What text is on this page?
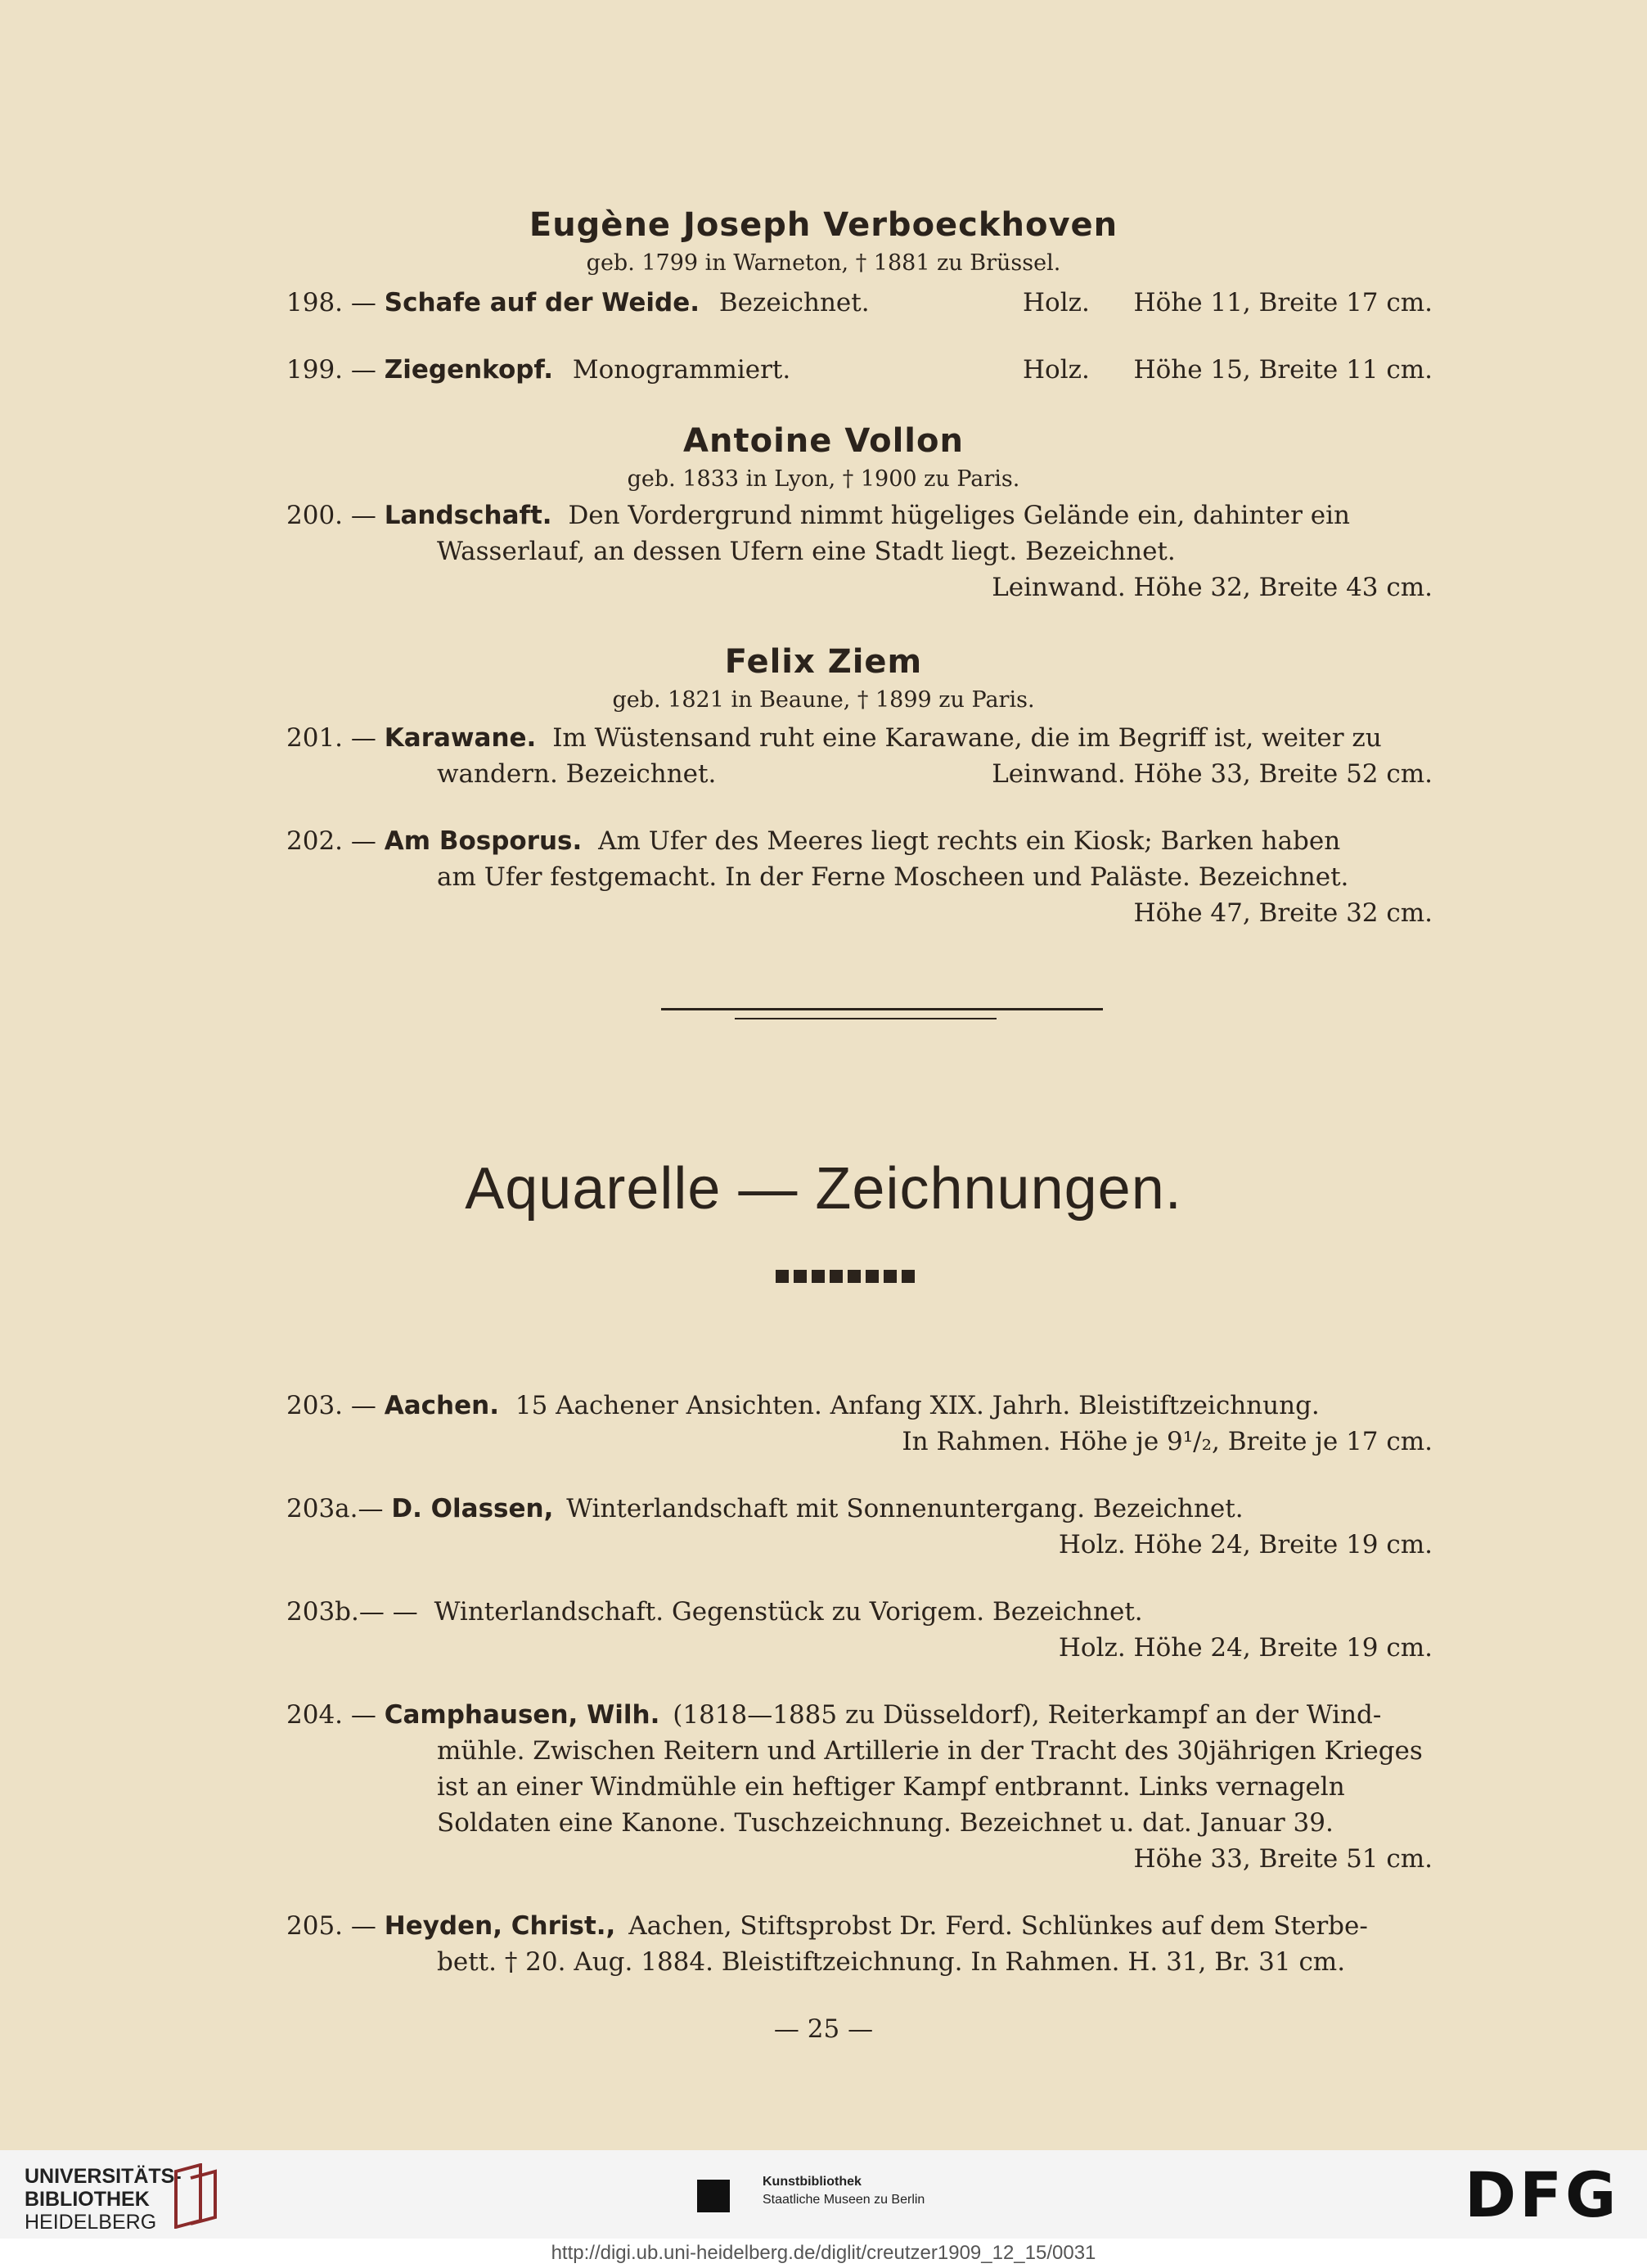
Eugène Joseph Verboeckhoven
geb. 1799 in Warneton, † 1881 zu Brüssel.
198. — Schafe auf der Weide. Bezeichnet.	Holz. Höhe 11, Breite 17 cm.
199. — Ziegenkopf. Monogrammiert.	Holz. Höhe 15, Breite 11 cm.
Antoine Vollon
geb. 1833 in Lyon, † 1900 zu Paris.
200. — Landschaft. Den Vordergrund nimmt hügeliges Gelände ein, dahinter ein
Wasserlauf, an dessen Ufern eine Stadt liegt. Bezeichnet.
Leinwand. Höhe 32, Breite 43 cm.
Felix Ziem
geb. 1821 in Beaune, † 1899 zu Paris.
201. — Karawane. Im Wüstensand ruht eine Karawane, die im Begriff ist, weiter zu
wandern. Bezeichnet.	Leinwand. Höhe 33, Breite 52 cm.
202. — Am Bosporus. Am Ufer des Meeres liegt rechts ein Kiosk; Barken haben
am Ufer festgemacht. In der Ferne Moscheen und Paläste. Bezeichnet.
Höhe 47, Breite 32 cm.
Aquarelle — Zeichnungen.
203. — Aachen. 15 Aachener Ansichten. Anfang XIX. Jahrh. Bleistiftzeichnung.
In Rahmen. Höhe je 9¹/₂, Breite je 17 cm.
203a.— D. Olassen, Winterlandschaft mit Sonnenuntergang. Bezeichnet.
Holz. Höhe 24, Breite 19 cm.
203b.— — Winterlandschaft. Gegenstück zu Vorigem. Bezeichnet.
Holz. Höhe 24, Breite 19 cm.
204. — Camphausen, Wilh. (1818—1885 zu Düsseldorf), Reiterkampf an der Wind-
mühle. Zwischen Reitern und Artillerie in der Tracht des 30jährigen Krieges
ist an einer Windmühle ein heftiger Kampf entbrannt. Links vernageln
Soldaten eine Kanone. Tuschzeichnung. Bezeichnet u. dat. Januar 39.
Höhe 33, Breite 51 cm.
205. — Heyden, Christ., Aachen, Stiftsprobst Dr. Ferd. Schlünkes auf dem Sterbe-
bett. † 20. Aug. 1884. Bleistiftzeichnung. In Rahmen. H. 31, Br. 31 cm.
— 25 —
UNIVERSITÄTS-
BIBLIOTHEK
HEIDELBERG
Kunstbibliothek
Staatliche Museen zu Berlin	DFG
http://digi.ub.uni-heidelberg.de/diglit/creutzer1909_12_15/0031
